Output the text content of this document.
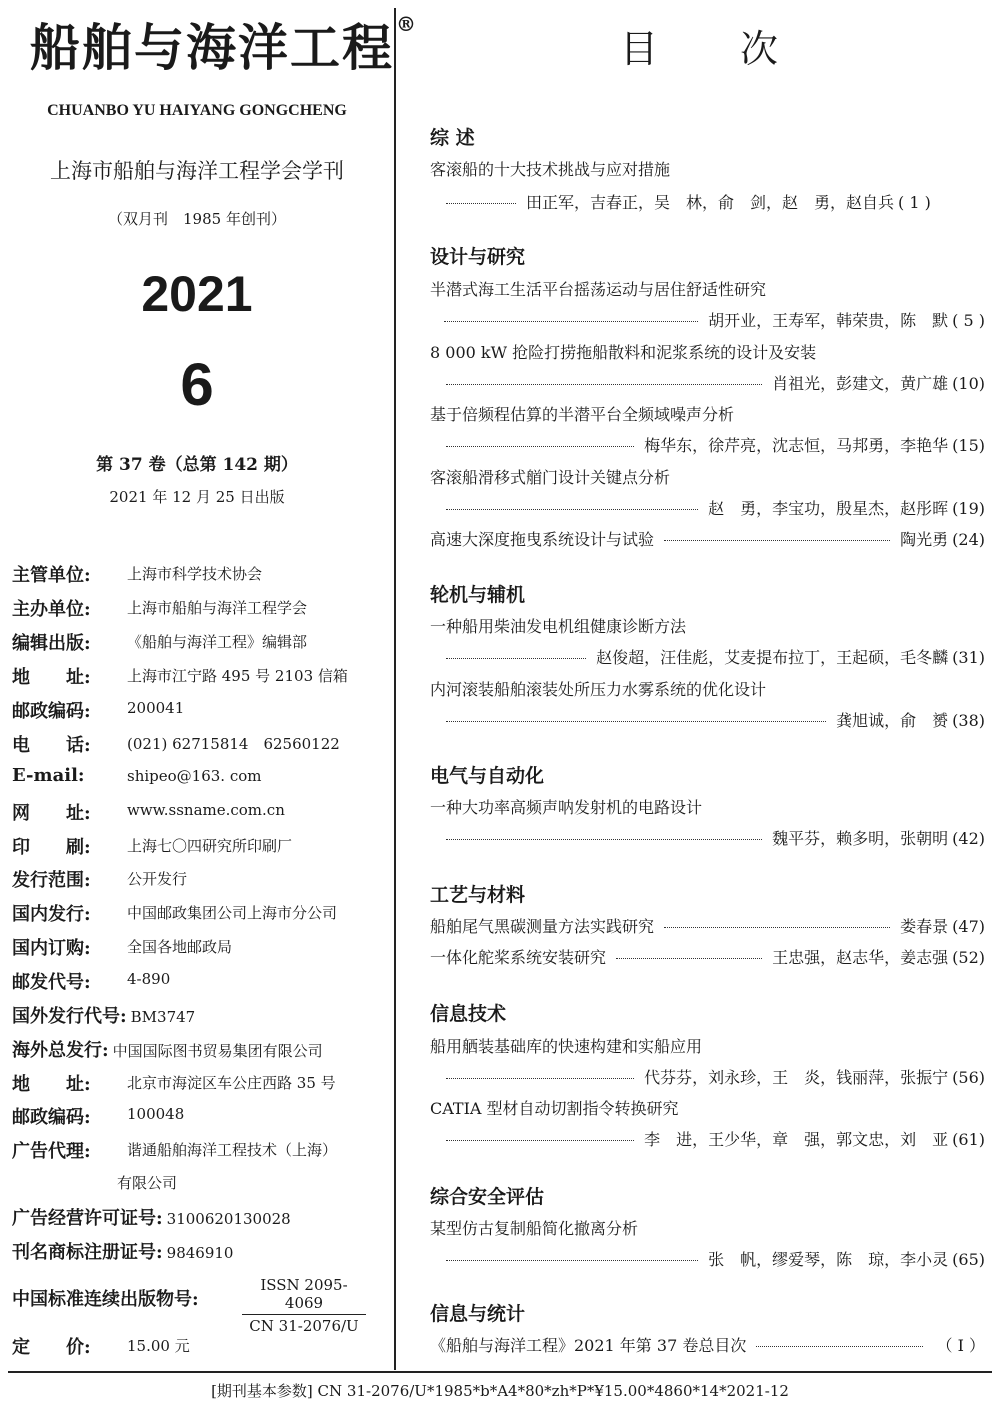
船舶与海洋工程 ®
CHUANBO YU HAIYANG GONGCHENG
上海市船舶与海洋工程学会学刊
（双月刊　1985 年创刊）
2021
6
第 37 卷（总第 142 期）
2021 年 12 月 25 日出版
主管单位: 上海市科学技术协会
主办单位: 上海市船舶与海洋工程学会
编辑出版: 《船舶与海洋工程》编辑部
地　　址: 上海市江宁路 495 号 2103 信箱
邮政编码: 200041
电　　话: (021) 62715814　62560122
E-mail:	shipeo@163. com
网　　址: www.ssname.com.cn
印　　刷: 上海七〇四研究所印刷厂
发行范围: 公开发行
国内发行: 中国邮政集团公司上海市分公司
国内订购: 全国各地邮政局
邮发代号: 4-890
国外发行代号: BM3747
海外总发行: 中国国际图书贸易集团有限公司
地　　址: 北京市海淀区车公庄西路 35 号
邮政编码: 100048
广告代理: 谐通船舶海洋工程技术（上海）
有限公司
广告经营许可证号: 3100620130028
刊名商标注册证号: 9846910
中国标准连续出版物号:
ISSN 2095-4069
CN 31-2076/U
定　　价: 15.00 元
目　　次
综 述
客滚船的十大技术挑战与应对措施
田正军，吉春正，吴　林，俞　剑，赵　勇，赵自兵 ( 1 )
设计与研究
半潜式海工生活平台摇荡运动与居住舒适性研究
胡开业，王寿军，韩荣贵，陈　默 ( 5 )
8 000 kW 抢险打捞拖船散料和泥浆系统的设计及安装
肖祖光，彭建文，黄广雄 (10)
基于倍频程估算的半潜平台全频域噪声分析
梅华东，徐芹亮，沈志恒，马邦勇，李艳华 (15)
客滚船滑移式艏门设计关键点分析
赵　勇，李宝功，殷星杰，赵彤晖 (19)
高速大深度拖曳系统设计与试验	陶光勇 (24)
轮机与辅机
一种船用柴油发电机组健康诊断方法
赵俊超，汪佳彪，艾麦提布拉丁，王起硕，毛冬麟 (31)
内河滚装船舶滚装处所压力水雾系统的优化设计
龚旭诚，俞　赟 (38)
电气与自动化
一种大功率高频声呐发射机的电路设计
魏平芬，赖多明，张朝明 (42)
工艺与材料
船舶尾气黑碳测量方法实践研究	娄春景 (47)
一体化舵桨系统安装研究	王忠强，赵志华，姜志强 (52)
信息技术
船用舾装基础库的快速构建和实船应用
代芬芬，刘永珍，王　炎，钱丽萍，张振宁 (56)
CATIA 型材自动切割指令转换研究
李　进，王少华，章　强，郭文忠，刘　亚 (61)
综合安全评估
某型仿古复制船简化撤离分析
张　帆，缪爱琴，陈　琼，李小灵 (65)
信息与统计
《船舶与海洋工程》2021 年第 37 卷总目次	（ I ）
[期刊基本参数] CN 31-2076/U*1985*b*A4*80*zh*P*¥15.00*4860*14*2021-12
